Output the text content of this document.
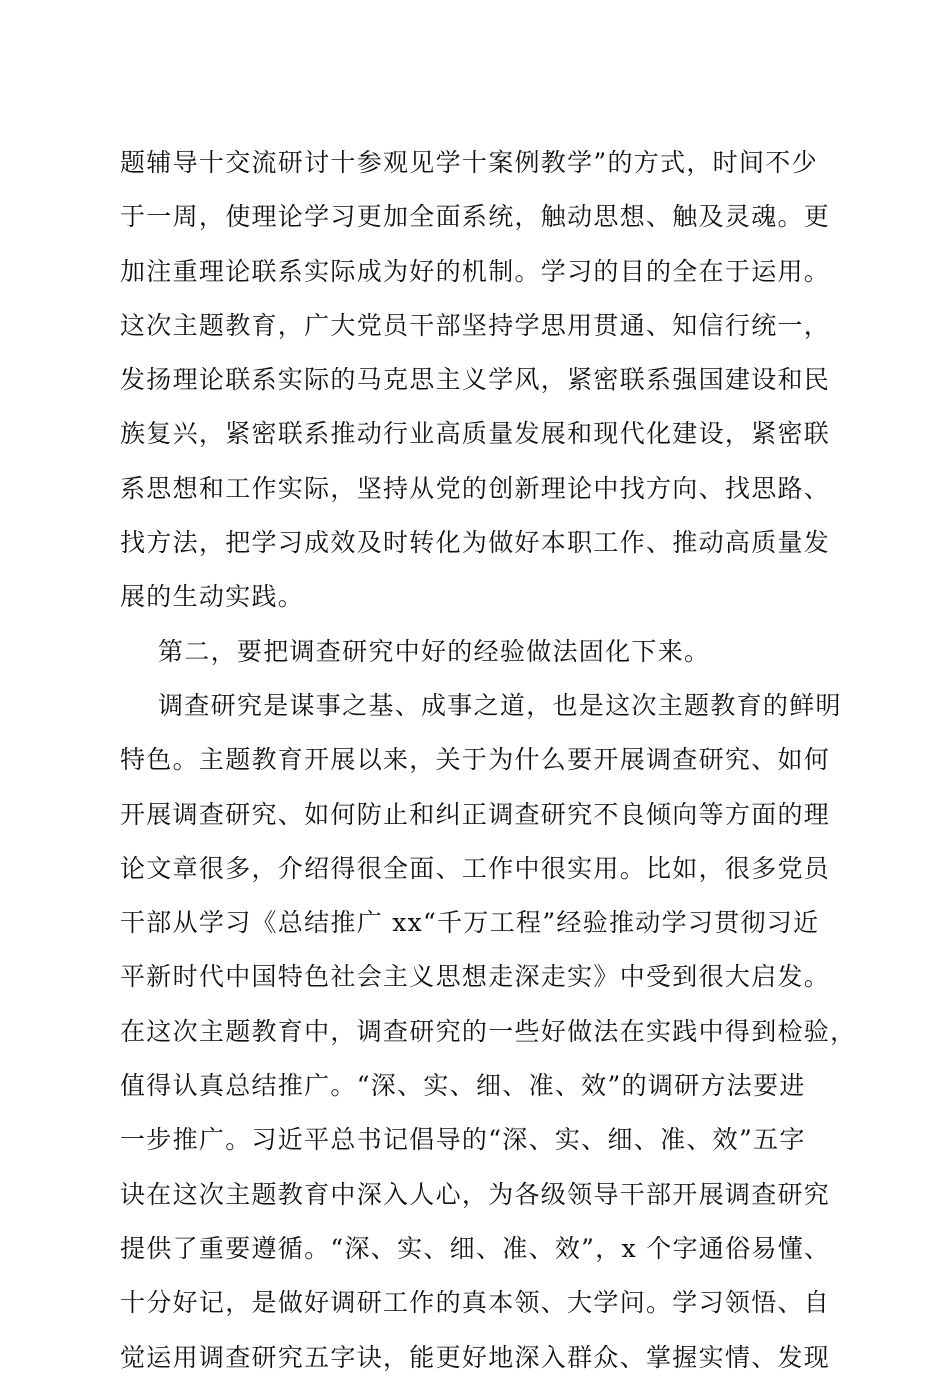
题辅导十交流研讨十参观见学十案例教学”的方式，时间不少
于一周，使理论学习更加全面系统，触动思想、触及灵魂。更
加注重理论联系实际成为好的机制。学习的目的全在于运用。
这次主题教育，广大党员干部坚持学思用贯通、知信行统一，
发扬理论联系实际的马克思主义学风，紧密联系强国建设和民
族复兴，紧密联系推动行业高质量发展和现代化建设，紧密联
系思想和工作实际，坚持从党的创新理论中找方向、找思路、
找方法，把学习成效及时转化为做好本职工作、推动高质量发
展的生动实践。
第二，要把调查研究中好的经验做法固化下来。
调查研究是谋事之基、成事之道，也是这次主题教育的鲜明
特色。主题教育开展以来，关于为什么要开展调查研究、如何
开展调查研究、如何防止和纠正调查研究不良倾向等方面的理
论文章很多，介绍得很全面、工作中很实用。比如，很多党员
干部从学习《总结推广 xx“千万工程”经验推动学习贯彻习近
平新时代中国特色社会主义思想走深走实》中受到很大启发。
在这次主题教育中，调查研究的一些好做法在实践中得到检验，
值得认真总结推广。“深、实、细、准、效”的调研方法要进
一步推广。习近平总书记倡导的“深、实、细、准、效”五字
诀在这次主题教育中深入人心，为各级领导干部开展调查研究
提供了重要遵循。“深、实、细、准、效”，x 个字通俗易懂、
十分好记，是做好调研工作的真本领、大学问。学习领悟、自
觉运用调查研究五字诀，能更好地深入群众、掌握实情、发现
